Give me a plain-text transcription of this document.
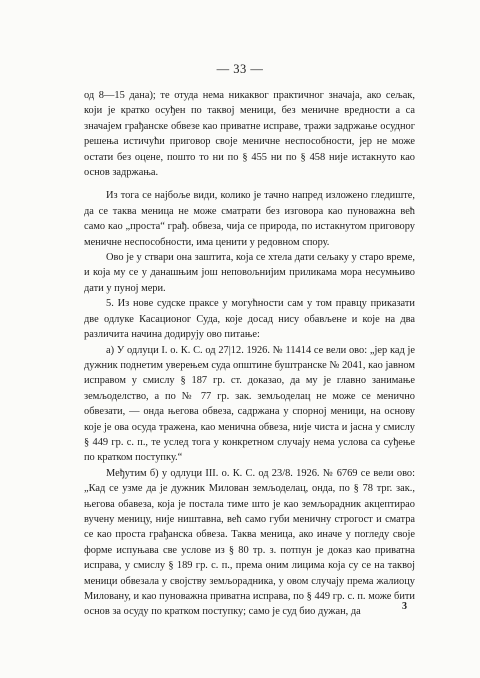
— 33 —

од 8—15 дана); те отуда нема никаквог практичног значаја, ако сељак, који је кратко осуђен по таквој меници, без меничне вредности а са значајем грађанске обвезе као приватне исправе, тражи задржање осудног решења истичући приговор своје меничне неспособности, јер не може остати без оцене, пошто то ни по § 455 ни по § 458 није истакнуто као основ задржања.

Из тога се најбоље види, колико је тачно напред изложено гледиште, да се таква меница не може сматрати без изговора као пуноважна већ само као „проста“ грађ. обвеза, чија се природа, по истакнутом приговору меничне неспособности, има ценити у редовном спору.

Ово је у ствари она заштита, која се хтела дати сељаку у старо време, и која му се у данашњим још неповољнијим приликама мора несумњиво дати у пуној мери.

5. Из нове судске праксе у могућности сам у том правцу приказати две одлуке Касационог Суда, које досад нису обављене и које на два различита начина додирују ово питање:

а) У одлуци I. о. К. С. од 27|12. 1926. № 11414 се вели ово: „јер кад је дужник поднетим уверењем суда општине буштранске № 2041, као јавном исправом у смислу § 187 гр. ст. доказао, да му је главно занимање земљоделство, а по № 77 гр. зак. земљоделац не може се менично обвезати, — онда његова обвеза, садржана у спорној меници, на основу које је ова осуда тражена, као менична обвеза, није чиста и јасна у смислу § 449 гр. с. п., те услед тога у конкретном случају нема услова са суђење по кратком поступку.“

Међутим б) у одлуци III. о. К. С. од 23/8. 1926. № 6769 се вели ово: „Кад се узме да је дужник Милован земљоделац, онда, по § 78 трг. зак., његова обавеза, која је постала тиме што је као земљорадник акцептирао вучену меницу, није ништавна, већ само губи меничну строгост и сматра се као проста грађанска обвеза. Таква меница, ако иначе у погледу своје форме испуњава све услове из § 80 тр. з. потпун је доказ као приватна исправа, у смислу § 189 гр. с. п., према оним лицима која су се на таквој меници обвезала у својству земљорадника, у овом случају према жалиоцу Миловану, и као пуноважна приватна исправа, по § 449 гр. с. п. може бити основ за осуду по кратком поступку; само је суд био дужан, да	3
